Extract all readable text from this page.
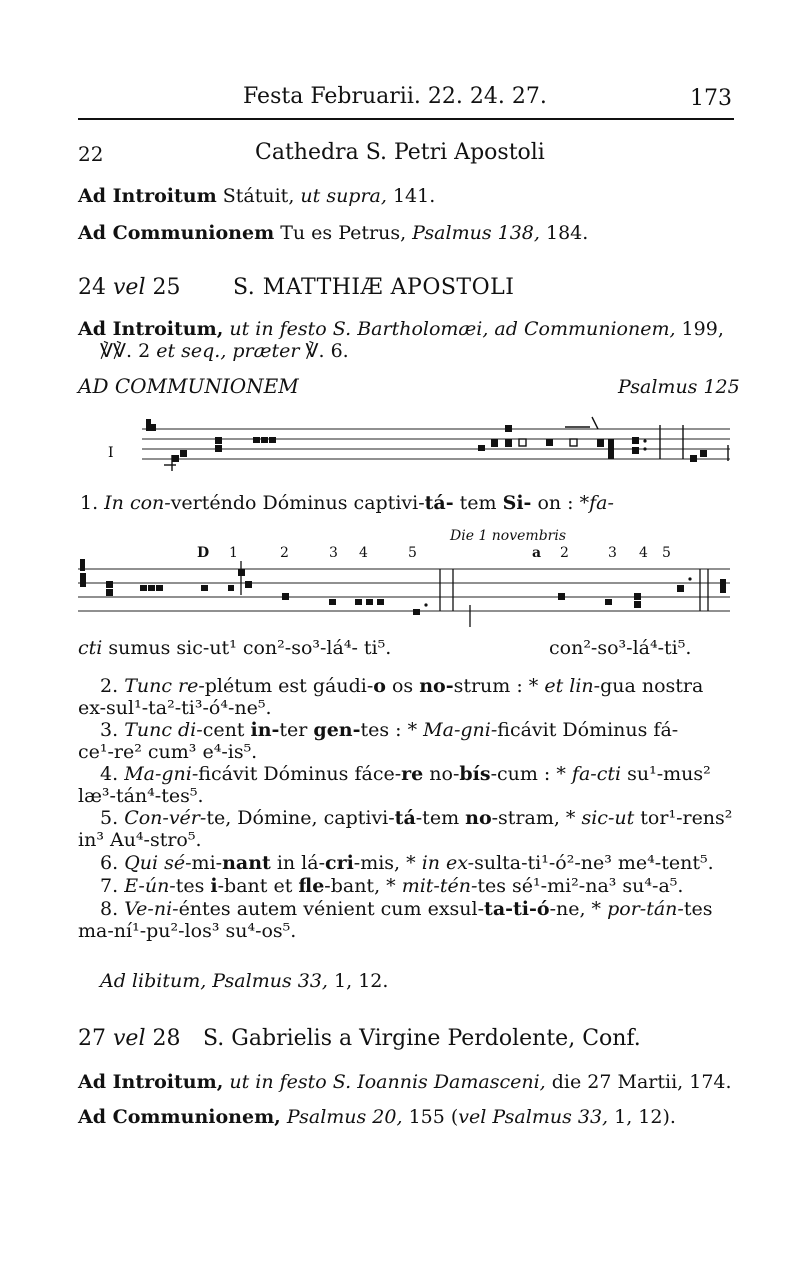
Festa Februarii. 22. 24. 27.	173
22	Cathedra S. Petri Apostoli
Ad Introitum Státuit, ut supra, 141.
Ad Communionem Tu es Petrus, Psalmus 138, 184.
24 vel 25 S. MATTHIÆ APOSTOLI
Ad Introitum, ut in festo S. Bartholomæi, ad Communionem, 199,
℣℣. 2 et seq., præter ℣. 6.
AD COMMUNIONEM	Psalmus 125
I
1. In con-verténdo Dóminus captivi-tá- tem Si- on : *fa-
Die 1 novembris
D 1	2	3 4	5	a 2	3 4 5
cti sumus sic-ut¹ con²-so³-lá⁴- ti⁵.	con²-so³-lá⁴-ti⁵.
2. Tunc re-plétum est gáudi-o os no-strum : * et lin-gua nostra
ex-sul¹-ta²-ti³-ó⁴-ne⁵.
3. Tunc di-cent in-ter gen-tes : * Ma-gni-ficávit Dóminus fá-
ce¹-re² cum³ e⁴-is⁵.
4. Ma-gni-ficávit Dóminus fáce-re no-bís-cum : * fa-cti su¹-mus²
læ³-tán⁴-tes⁵.
5. Con-vér-te, Dómine, captivi-tá-tem no-stram, * sic-ut tor¹-rens²
in³ Au⁴-stro⁵.
6. Qui sé-mi-nant in lá-cri-mis, * in ex-sulta-ti¹-ó²-ne³ me⁴-tent⁵.
7. E-ún-tes i-bant et fle-bant, * mit-tén-tes sé¹-mi²-na³ su⁴-a⁵.
8. Ve-ni-éntes autem vénient cum exsul-ta-ti-ó-ne, * por-tán-tes
ma-ní¹-pu²-los³ su⁴-os⁵.
Ad libitum, Psalmus 33, 1, 12.
27 vel 28 S. Gabrielis a Virgine Perdolente, Conf.
Ad Introitum, ut in festo S. Ioannis Damasceni, die 27 Martii, 174.
Ad Communionem, Psalmus 20, 155 (vel Psalmus 33, 1, 12).
